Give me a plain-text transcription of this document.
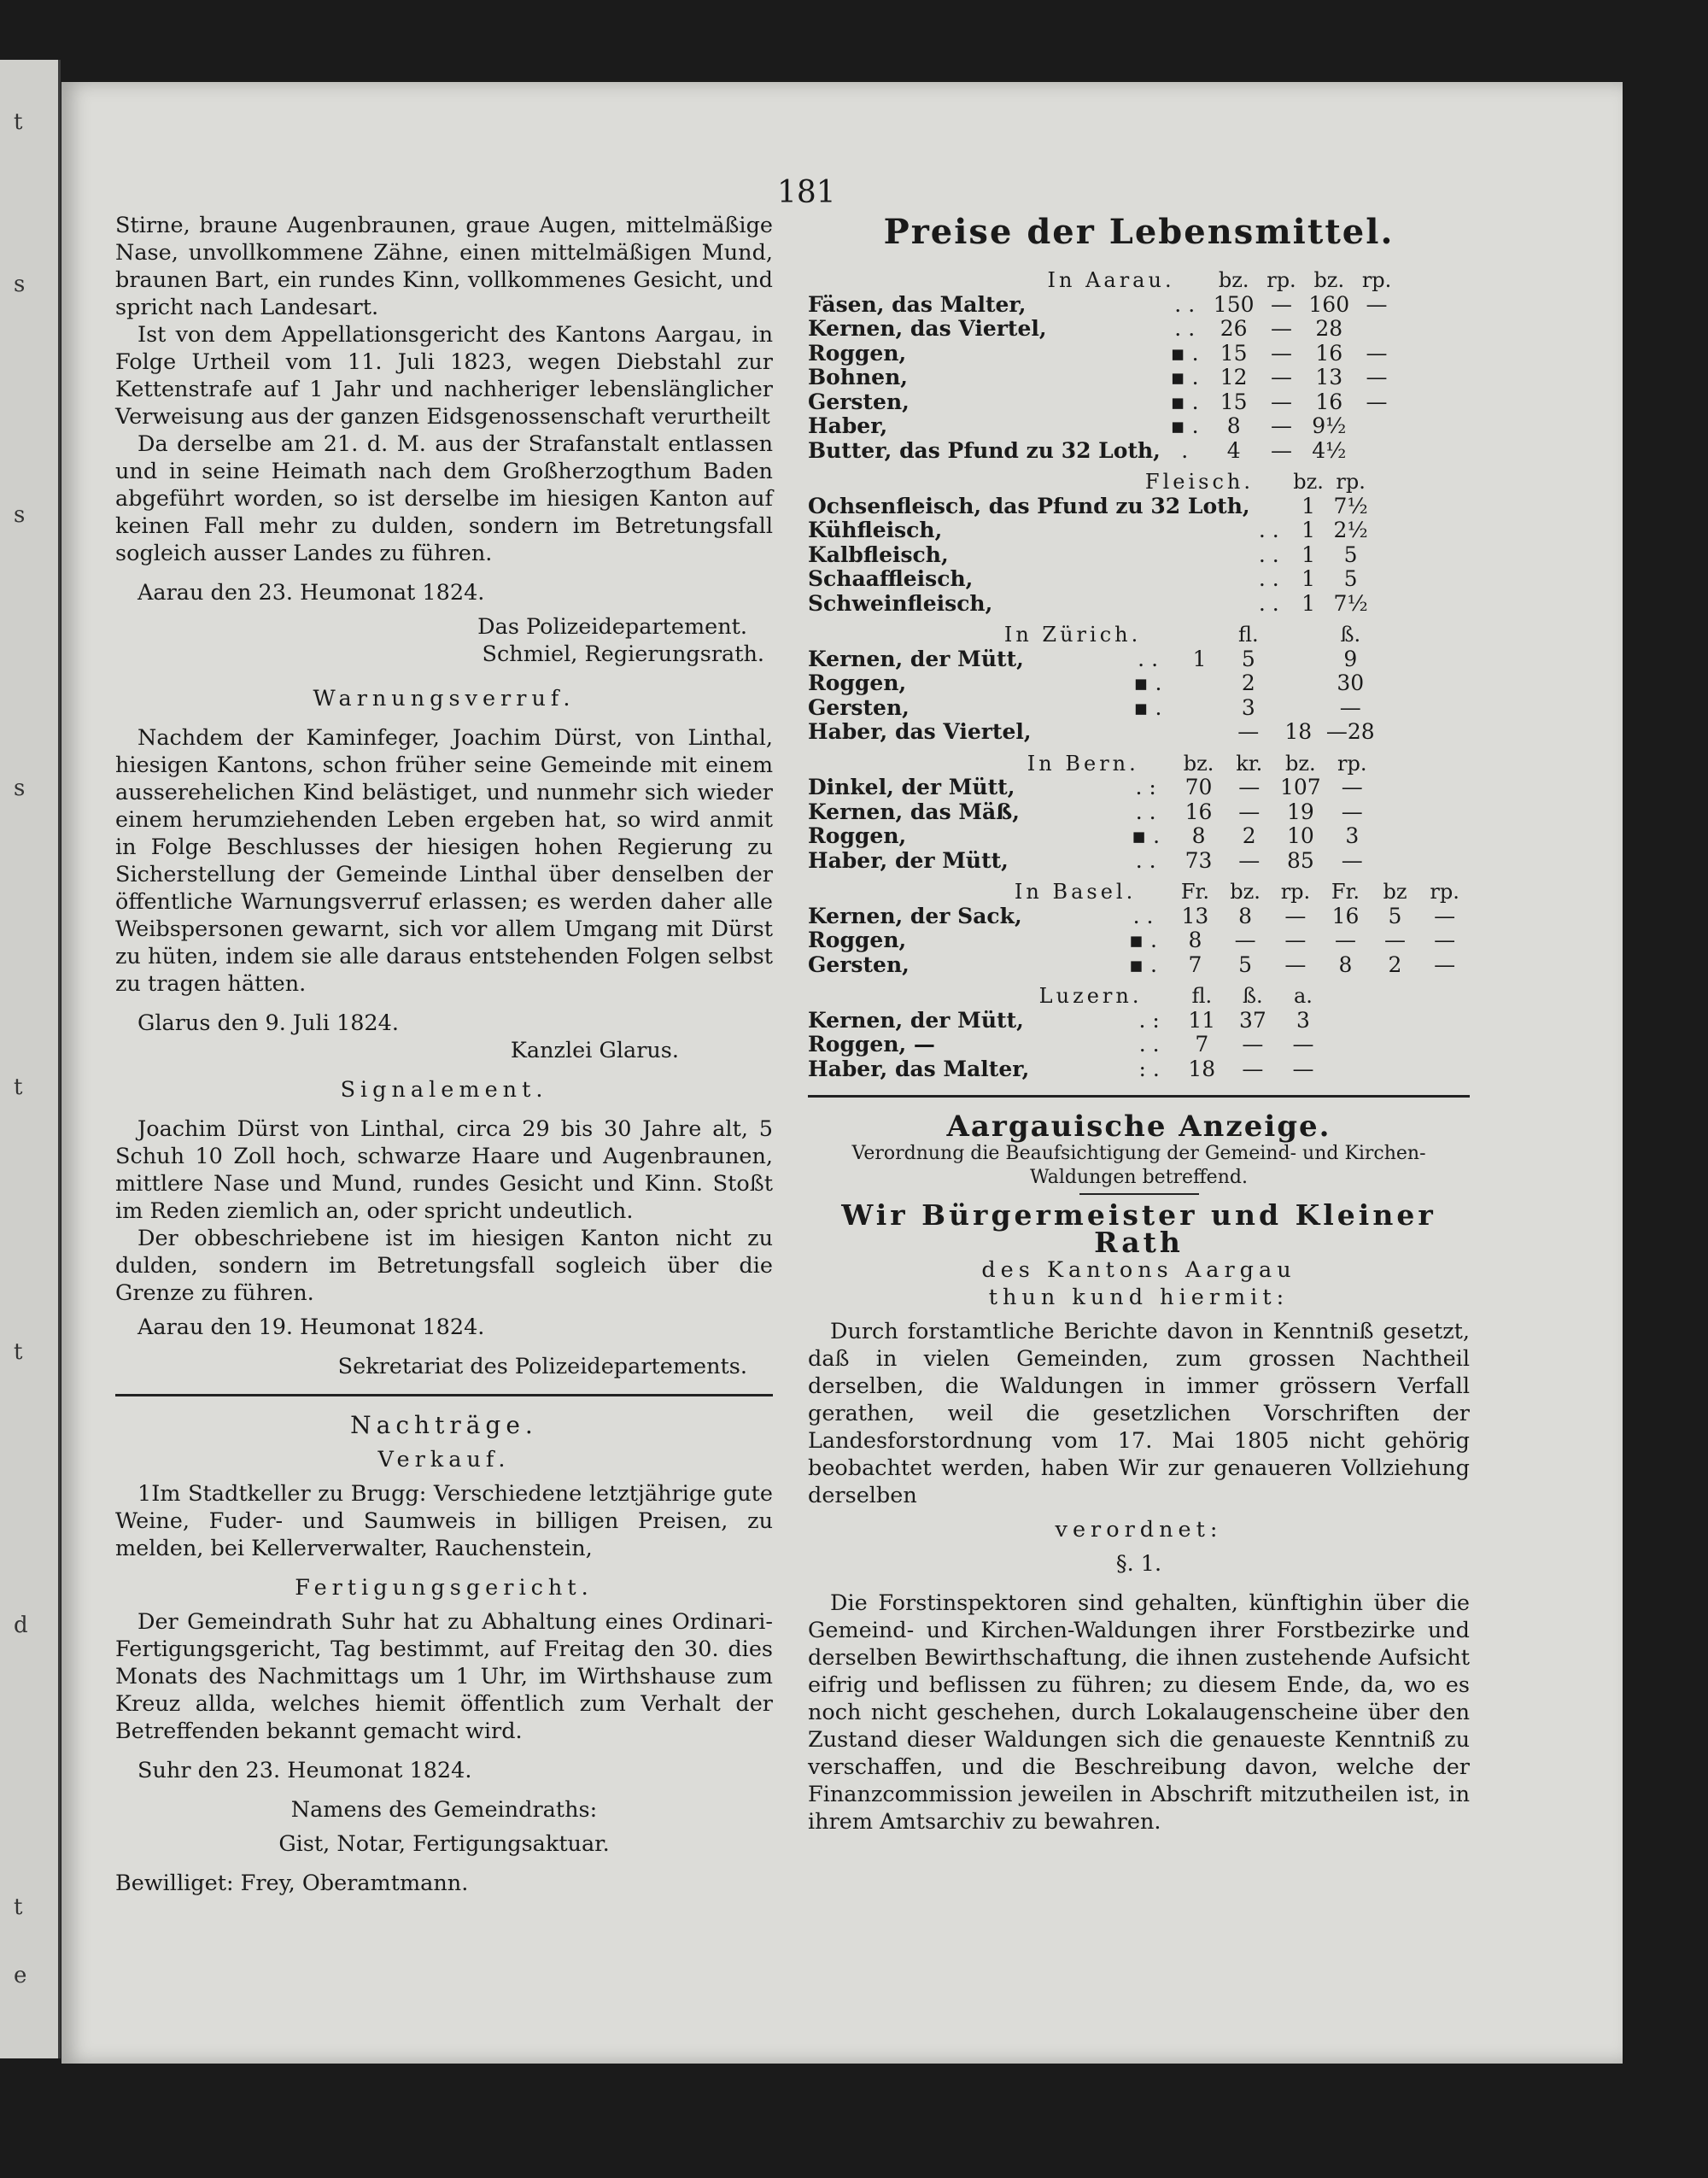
t
s
s
s
t
t
d
t
e
181

Stirne, braune Augenbraunen, graue Augen, mittelmäßige Nase, unvollkommene Zähne, einen mittelmäßigen Mund, braunen Bart, ein rundes Kinn, vollkommenes Gesicht, und spricht nach Landesart.

Ist von dem Appellationsgericht des Kantons Aargau, in Folge Urtheil vom 11. Juli 1823, wegen Diebstahl zur Kettenstrafe auf 1 Jahr und nachheriger lebenslänglicher Verweisung aus der ganzen Eidsgenossenschaft verurtheilt

Da derselbe am 21. d. M. aus der Strafanstalt entlassen und in seine Heimath nach dem Großherzogthum Baden abgeführt worden, so ist derselbe im hiesigen Kanton auf keinen Fall mehr zu dulden, sondern im Betretungsfall sogleich ausser Landes zu führen.

Aarau den 23. Heumonat 1824.

Das Polizeidepartement.

Schmiel, Regierungsrath.

Warnungsverruf.

Nachdem der Kaminfeger, Joachim Dürst, von Linthal, hiesigen Kantons, schon früher seine Gemeinde mit einem ausserehelichen Kind belästiget, und nunmehr sich wieder einem herumziehenden Leben ergeben hat, so wird anmit in Folge Beschlusses der hiesigen hohen Regierung zu Sicherstellung der Gemeinde Linthal über denselben der öffentliche Warnungsverruf erlassen; es werden daher alle Weibspersonen gewarnt, sich vor allem Umgang mit Dürst zu hüten, indem sie alle daraus entstehenden Folgen selbst zu tragen hätten.

Glarus den 9. Juli 1824.

Kanzlei Glarus.

Signalement.

Joachim Dürst von Linthal, circa 29 bis 30 Jahre alt, 5 Schuh 10 Zoll hoch, schwarze Haare und Augenbraunen, mittlere Nase und Mund, rundes Gesicht und Kinn. Stoßt im Reden ziemlich an, oder spricht undeutlich.

Der obbeschriebene ist im hiesigen Kanton nicht zu dulden, sondern im Betretungsfall sogleich über die Grenze zu führen.

Aarau den 19. Heumonat 1824.

Sekretariat des Polizeidepartements.

Nachträge.

Verkauf.

1Im Stadtkeller zu Brugg: Verschiedene letztjährige gute Weine, Fuder- und Saumweis in billigen Preisen, zu melden, bei Kellerverwalter, Rauchenstein,

Fertigungsgericht.

Der Gemeindrath Suhr hat zu Abhaltung eines Ordinari-Fertigungsgericht, Tag bestimmt, auf Freitag den 30. dies Monats des Nachmittags um 1 Uhr, im Wirthshause zum Kreuz allda, welches hiemit öffentlich zum Verhalt der Betreffenden bekannt gemacht wird.

Suhr den 23. Heumonat 1824.

Namens des Gemeindraths:

Gist, Notar, Fertigungsaktuar.

Bewilliget: Frey, Oberamtmann.

Preise der Lebensmittel.
In Aarau.		bz.	rp.	bz.	rp.		
Fäsen, das Malter,	. .	150	—	160	—		
Kernen, das Viertel,	. .	26	—	28			
Roggen,	▪ .	15	—	16	—		
Bohnen,	▪ .	12	—	13	—		
Gersten,	▪ .	15	—	16	—		
Haber,	▪ .	8	—	9½			
Butter, das Pfund zu 32 Loth,	.	4	—	4½			
Fleisch.		bz.	rp.				
Ochsenfleisch, das Pfund zu 32 Loth,		1	7½				
Kühfleisch,	. .	1	2½				
Kalbfleisch,	. .	1	5				
Schaaffleisch,	. .	1	5				
Schweinfleisch,	. .	1	7½				
In Zürich.			fl.		ß.		
Kernen, der Mütt,	. .	1	5		9		
Roggen,	▪ .		2		30		
Gersten,	▪ .		3		—		
Haber, das Viertel,			—	18	—28		
In Bern.		bz.	kr.	bz.	rp.		
Dinkel, der Mütt,	. :	70	—	107	—		
Kernen, das Mäß,	. .	16	—	19	—		
Roggen,	▪ .	8	2	10	3		
Haber, der Mütt,	. .	73	—	85	—		
In Basel.		Fr.	bz.	rp.	Fr.	bz	rp.
Kernen, der Sack,	. .	13	8	—	16	5	—
Roggen,	▪ .	8	—	—	—	—	—
Gersten,	▪ .	7	5	—	8	2	—
Luzern.		fl.	ß.	a.			
Kernen, der Mütt,	. :	11	37	3			
Roggen, —	. .	7	—	—			
Haber, das Malter,	: .	18	—	—			
Aargauische Anzeige.

Verordnung die Beaufsichtigung der Gemeind- und Kirchen-

Waldungen betreffend.

Wir Bürgermeister und Kleiner Rath

des Kantons Aargau

thun kund hiermit:

Durch forstamtliche Berichte davon in Kenntniß gesetzt, daß in vielen Gemeinden, zum grossen Nachtheil derselben, die Waldungen in immer grössern Verfall gerathen, weil die gesetzlichen Vorschriften der Landesforstordnung vom 17. Mai 1805 nicht gehörig beobachtet werden, haben Wir zur genaueren Vollziehung derselben

verordnet:

§. 1.

Die Forstinspektoren sind gehalten, künftighin über die Gemeind- und Kirchen-Waldungen ihrer Forstbezirke und derselben Bewirthschaftung, die ihnen zustehende Aufsicht eifrig und beflissen zu führen; zu diesem Ende, da, wo es noch nicht geschehen, durch Lokalaugenscheine über den Zustand dieser Waldungen sich die genaueste Kenntniß zu verschaffen, und die Beschreibung davon, welche der Finanzcommission jeweilen in Abschrift mitzutheilen ist, in ihrem Amtsarchiv zu bewahren.
